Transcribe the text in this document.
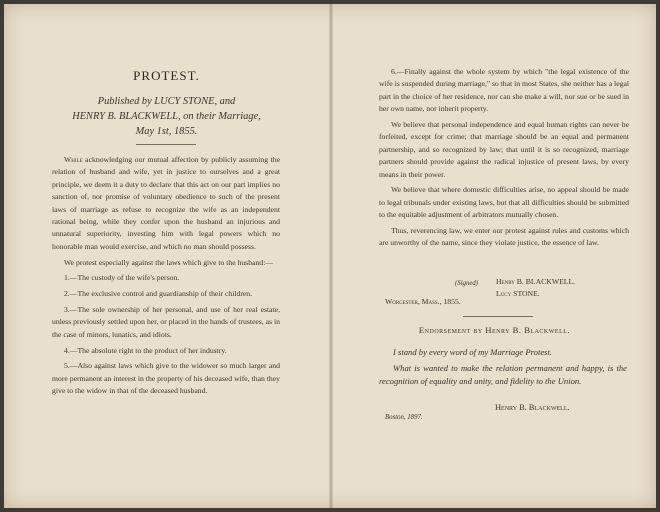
PROTEST.
Published by LUCY STONE, and
HENRY B. BLACKWELL, on their Marriage,
May 1st, 1855.

While acknowledging our mutual affection by publicly assuming the relation of husband and wife, yet in justice to ourselves and a great principle, we deem it a duty to declare that this act on our part implies no sanction of, nor promise of voluntary obedience to such of the present laws of marriage as refuse to recognize the wife as an independent rational being, while they confer upon the husband an injurious and unnatural superiority, investing him with legal powers which no honorable man would exercise, and which no man should possess.

We protest especially against the laws which give to the husband:—

1.—The custody of the wife's person.
2.—The exclusive control and guardianship of their children.
3.—The sole ownership of her personal, and use of her real estate, unless previously settled upon her, or placed in the hands of trustees, as in the case of minors, lunatics, and idiots.
4.—The absolute right to the product of her industry.
5.—Also against laws which give to the widower so much larger and more permanent an interest in the property of his deceased wife, than they give to the widow in that of the deceased husband.
6.—Finally against the whole system by which "the legal existence of the wife is suspended during marriage," so that in most States, she neither has a legal part in the choice of her residence, nor can she make a will, nor sue or be sued in her own name, nor inherit property.

We believe that personal independence and equal human rights can never be forfeited, except for crime; that marriage should be an equal and permanent partnership, and so recognized by law; that until it is so recognized, marriage partners should provide against the radical injustice of present laws, by every means in their power.

We believe that where domestic difficulties arise, no appeal should be made to legal tribunals under existing laws, but that all difficulties should be submitted to the equitable adjustment of arbitrators mutually chosen.

Thus, reverencing law, we enter our protest against rules and customs which are unworthy of the name, since they violate justice, the essence of law.

(Signed) Henry B. BLACKWELL.
Lucy STONE.
Worcester, Mass., 1855.
Endorsement by Henry B. Blackwell.

I stand by every word of my Marriage Protest.

What is wanted to make the relation permanent and happy, is the recognition of equality and unity, and fidelity to the Union.

Henry B. Blackwell.
Boston, 1897.
